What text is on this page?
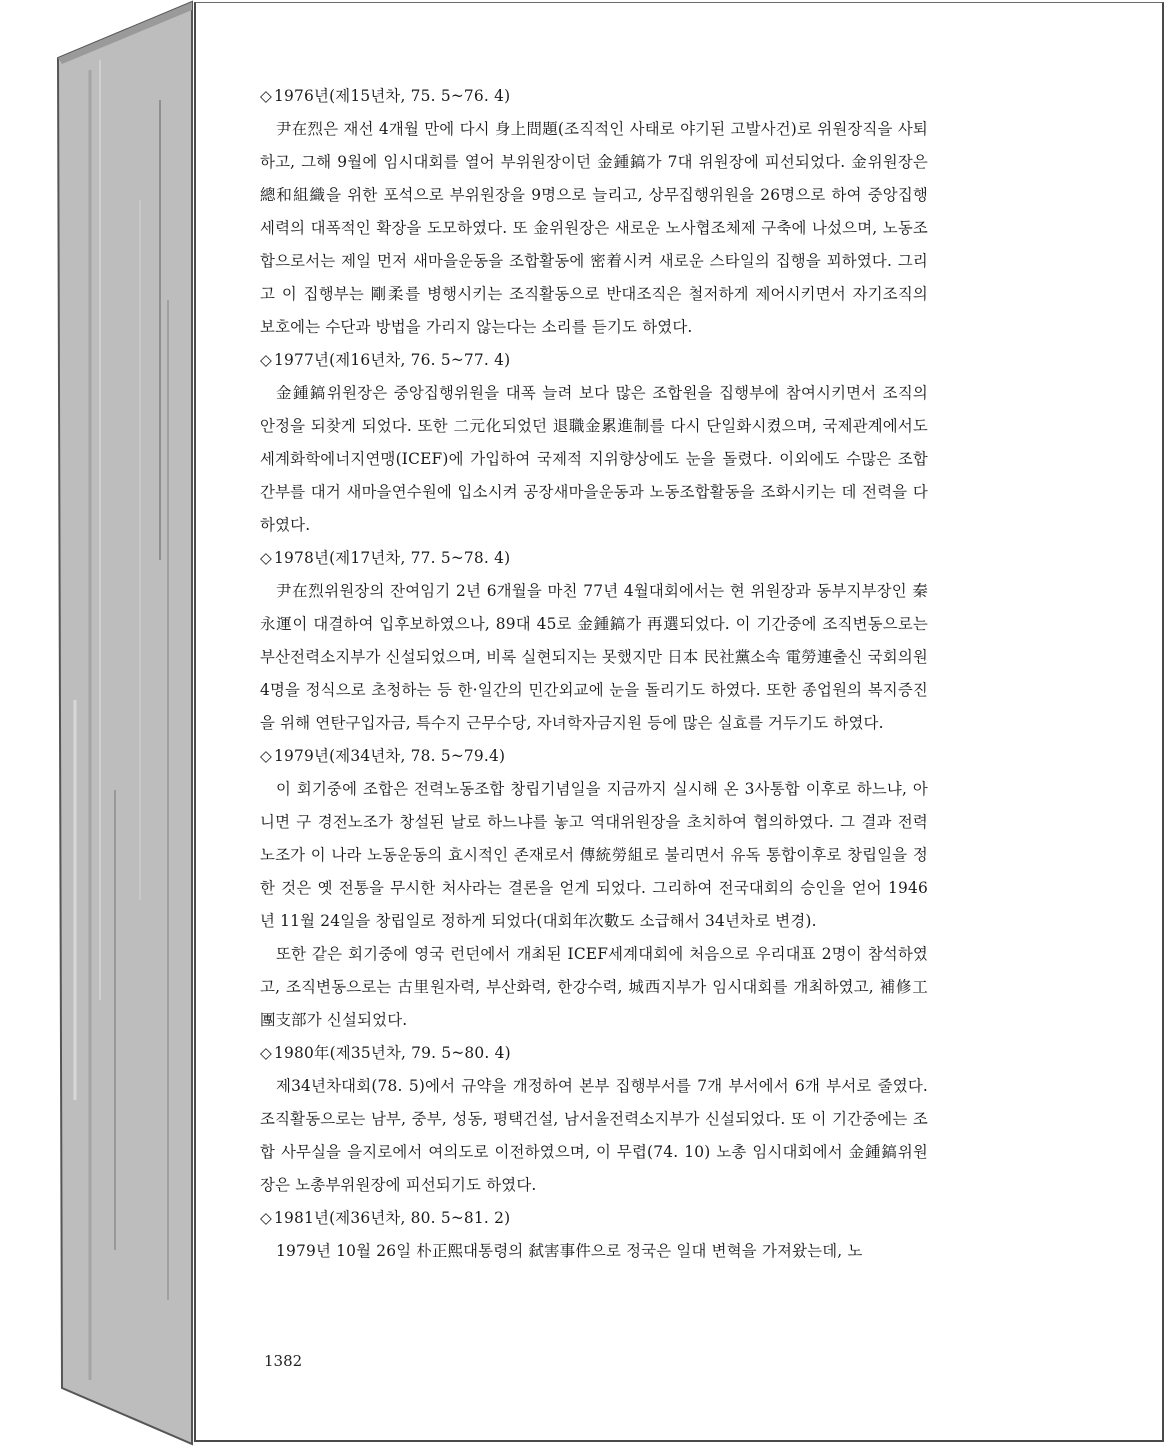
◇ 1976년(제15년차, 75. 5~76. 4)

尹在烈은 재선 4개월 만에 다시 身上問題(조직적인 사태로 야기된 고발사건)로 위원장직을 사퇴하고, 그해 9월에 임시대회를 열어 부위원장이던 金鍾鎬가 7대 위원장에 피선되었다. 金위원장은 總和組織을 위한 포석으로 부위원장을 9명으로 늘리고, 상무집행위원을 26명으로 하여 중앙집행세력의 대폭적인 확장을 도모하였다. 또 金위원장은 새로운 노사협조체제 구축에 나섰으며, 노동조합으로서는 제일 먼저 새마을운동을 조합활동에 密着시켜 새로운 스타일의 집행을 꾀하였다. 그리고 이 집행부는 剛柔를 병행시키는 조직활동으로 반대조직은 철저하게 제어시키면서 자기조직의 보호에는 수단과 방법을 가리지 않는다는 소리를 듣기도 하였다.

◇ 1977년(제16년차, 76. 5~77. 4)

金鍾鎬위원장은 중앙집행위원을 대폭 늘려 보다 많은 조합원을 집행부에 참여시키면서 조직의 안정을 되찾게 되었다. 또한 二元化되었던 退職金累進制를 다시 단일화시켰으며, 국제관계에서도 세계화학에너지연맹(ICEF)에 가입하여 국제적 지위향상에도 눈을 돌렸다. 이외에도 수많은 조합간부를 대거 새마을연수원에 입소시켜 공장새마을운동과 노동조합활동을 조화시키는 데 전력을 다하였다.

◇ 1978년(제17년차, 77. 5~78. 4)

尹在烈위원장의 잔여임기 2년 6개월을 마친 77년 4월대회에서는 현 위원장과 동부지부장인 秦永運이 대결하여 입후보하였으나, 89대 45로 金鍾鎬가 再選되었다. 이 기간중에 조직변동으로는 부산전력소지부가 신설되었으며, 비록 실현되지는 못했지만 日本 民社黨소속 電勞連출신 국회의원 4명을 정식으로 초청하는 등 한·일간의 민간외교에 눈을 돌리기도 하였다. 또한 종업원의 복지증진을 위해 연탄구입자금, 특수지 근무수당, 자녀학자금지원 등에 많은 실효를 거두기도 하였다.

◇ 1979년(제34년차, 78. 5~79.4)

이 회기중에 조합은 전력노동조합 창립기념일을 지금까지 실시해 온 3사통합 이후로 하느냐, 아니면 구 경전노조가 창설된 날로 하느냐를 놓고 역대위원장을 초치하여 협의하였다. 그 결과 전력노조가 이 나라 노동운동의 효시적인 존재로서 傳統勞組로 불리면서 유독 통합이후로 창립일을 정한 것은 옛 전통을 무시한 처사라는 결론을 얻게 되었다. 그리하여 전국대회의 승인을 얻어 1946년 11월 24일을 창립일로 정하게 되었다(대회年次數도 소급해서 34년차로 변경).

또한 같은 회기중에 영국 런던에서 개최된 ICEF세계대회에 처음으로 우리대표 2명이 참석하였고, 조직변동으로는 古里원자력, 부산화력, 한강수력, 城西지부가 임시대회를 개최하였고, 補修工團支部가 신설되었다.

◇ 1980年(제35년차, 79. 5~80. 4)

제34년차대회(78. 5)에서 규약을 개정하여 본부 집행부서를 7개 부서에서 6개 부서로 줄였다. 조직활동으로는 남부, 중부, 성동, 평택건설, 남서울전력소지부가 신설되었다. 또 이 기간중에는 조합 사무실을 을지로에서 여의도로 이전하였으며, 이 무렵(74. 10) 노총 임시대회에서 金鍾鎬위원장은 노총부위원장에 피선되기도 하였다.

◇ 1981년(제36년차, 80. 5~81. 2)

1979년 10월 26일 朴正熙대통령의 弑害事件으로 정국은 일대 변혁을 가져왔는데, 노

1382
